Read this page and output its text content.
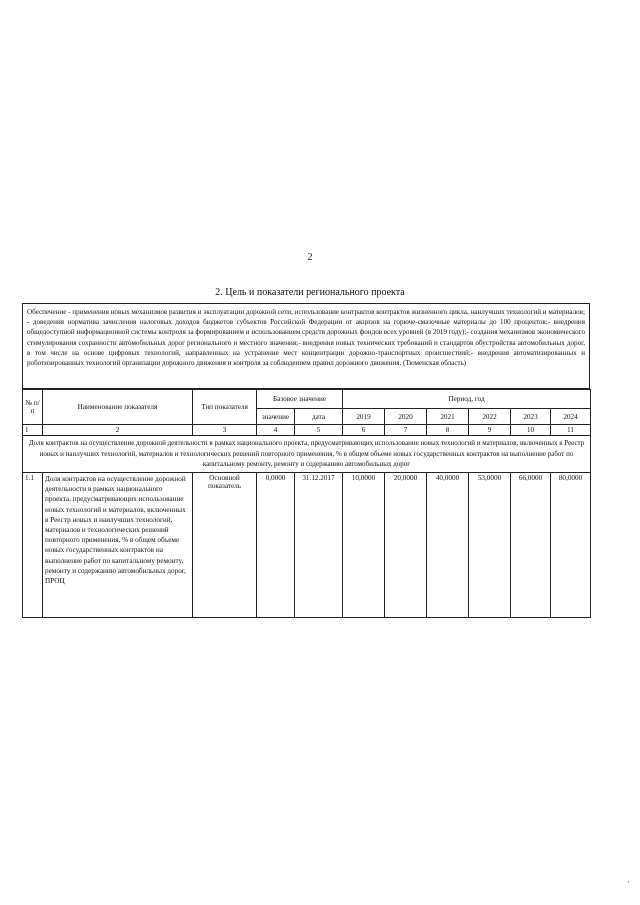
2
2. Цель и показатели регионального проекта
Обеспечение - применения новых механизмов развития и эксплуатации дорожной сети, использование контрактов контрактов жизненного цикла, наилучших технологий и материалов; - доведения норматива зачисления налоговых доходов бюджетов субъектов Российской Федерации от акцизов на горюче-смазочные материалы до 100 процентов;- внедрения общедоступной информационной системы контроля за формированием и использованием средств дорожных фондов всех уровней (в 2019 году);- создания механизмов экономического стимулирования сохранности автомобильных дорог регионального и местного значения;- внедрения новых технических требований и стандартов обустройства автомобильных дорог, в том числе на основе цифровых технологий, направленных на устранение мест концентрации дорожно-транспортных происшествий;- внедрения автоматизированных и роботизированных технологий организации дорожного движения и контроля за соблюдением правил дорожного движения. (Тюменская область)
№ п/п	Наименование показателя	Тип показателя	Базовое значение		Период, год					
			значение	дата	2019	2020	2021	2022	2023	2024
1	2	3	4	5	6	7	8	9	10	11
Доля контрактов на осуществление дорожной деятельности в рамках национального проекта, предусматривающих использование новых технологий и материалов, включенных в Реестр новых и наилучших технологий, материалов и технологических решений повторного применения, % в общем объеме новых государственных контрактов на выполнение работ по капитальному ремонту, ремонту и содержанию автомобильных дорог										
1.1	Доля контрактов на осуществление дорожной деятельности в рамках национального проекта, предусматривающих использование новых технологий и материалов, включенных в Реестр новых и наилучших технологий, материалов и технологических решений повторного применения, % в общем объеме новых государственных контрактов на выполнение работ по капитальному ремонту, ремонту и содержанию автомобильных дорог, ПРОЦ	Основной показатель	0,0000	31.12.2017	10,0000	20,0000	40,0000	53,0000	66,0000	80,0000
·
